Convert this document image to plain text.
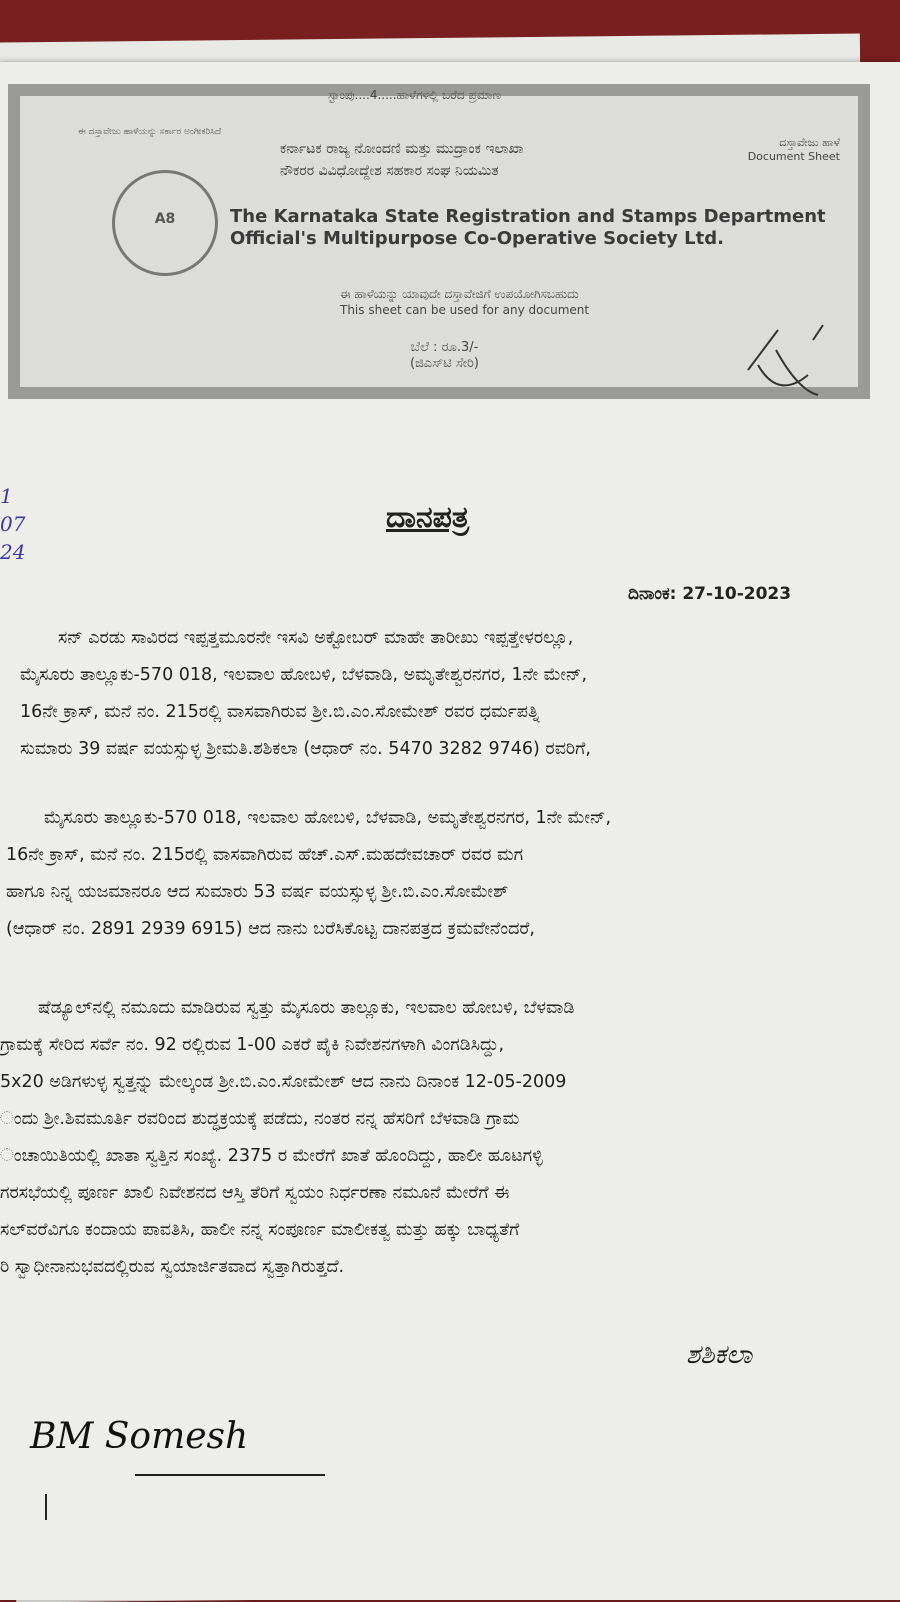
ಸ್ಟಾಂಪು....4.....ಹಾಳೆಗಳಲ್ಲಿ ಬರೆದ ಪ್ರಮಾಣ
ಈ ದಸ್ತಾವೇಜು ಹಾಳೆಯನ್ನು ಸರ್ಕಾರ ಅಂಗೀಕರಿಸಿದೆ
A8
ಕರ್ನಾಟಕ ರಾಜ್ಯ ನೋಂದಣಿ ಮತ್ತು ಮುದ್ರಾಂಕ ಇಲಾಖಾ
ನೌಕರರ ವಿವಿಧೋದ್ದೇಶ ಸಹಕಾರ ಸಂಘ ನಿಯಮಿತ
ದಸ್ತಾವೇಜು ಹಾಳೆ
Document Sheet
The Karnataka State Registration and Stamps Department
Official's Multipurpose Co-Operative Society Ltd.
ಈ ಹಾಳೆಯನ್ನು ಯಾವುದೇ ದಸ್ತಾವೇಜಿಗೆ ಉಪಯೋಗಿಸಬಹುದು
This sheet can be used for any document
ಬೆಲೆ : ರೂ.3/-
(ಜಿಎಸ್‌ಟಿ ಸೇರಿ)
1
07
24
ದಾನಪತ್ರ
ದಿನಾಂಕ: 27-10-2023
ಸನ್ ಎರಡು ಸಾವಿರದ ಇಪ್ಪತ್ತಮೂರನೇ ಇಸವಿ ಅಕ್ಟೋಬರ್ ಮಾಹೇ ತಾರೀಖು ಇಪ್ಪತ್ತೇಳರಲ್ಲೂ,
ಮೈಸೂರು ತಾಲ್ಲೂಕು-570 018, ಇಲವಾಲ ಹೋಬಳಿ, ಬೆಳವಾಡಿ, ಅಮೃತೇಶ್ವರನಗರ, 1ನೇ ಮೇನ್,
16ನೇ ಕ್ರಾಸ್, ಮನೆ ನಂ. 215ರಲ್ಲಿ ವಾಸವಾಗಿರುವ ಶ್ರೀ.ಬಿ.ಎಂ.ಸೋಮೇಶ್ ರವರ ಧರ್ಮಪತ್ನಿ
ಸುಮಾರು 39 ವರ್ಷ ವಯಸ್ಸುಳ್ಳ ಶ್ರೀಮತಿ.ಶಶಿಕಲಾ (ಆಧಾರ್ ನಂ. 5470 3282 9746) ರವರಿಗೆ,
ಮೈಸೂರು ತಾಲ್ಲೂಕು-570 018, ಇಲವಾಲ ಹೋಬಳಿ, ಬೆಳವಾಡಿ, ಅಮೃತೇಶ್ವರನಗರ, 1ನೇ ಮೇನ್,
16ನೇ ಕ್ರಾಸ್, ಮನೆ ನಂ. 215ರಲ್ಲಿ ವಾಸವಾಗಿರುವ ಹೆಚ್.ಎಸ್.ಮಹದೇವಚಾರ್ ರವರ ಮಗ
ಹಾಗೂ ನಿನ್ನ ಯಜಮಾನರೂ ಆದ ಸುಮಾರು 53 ವರ್ಷ ವಯಸ್ಸುಳ್ಳ ಶ್ರೀ.ಬಿ.ಎಂ.ಸೋಮೇಶ್
(ಆಧಾರ್ ನಂ. 2891 2939 6915) ಆದ ನಾನು ಬರೆಸಿಕೊಟ್ಟ ದಾನಪತ್ರದ ಕ್ರಮವೇನೆಂದರೆ,
ಷೆಡ್ಯೂಲ್‌ನಲ್ಲಿ ನಮೂದು ಮಾಡಿರುವ ಸ್ವತ್ತು ಮೈಸೂರು ತಾಲ್ಲೂಕು, ಇಲವಾಲ ಹೋಬಳಿ, ಬೆಳವಾಡಿ
ಗ್ರಾಮಕ್ಕೆ ಸೇರಿದ ಸರ್ವೆ ನಂ. 92 ರಲ್ಲಿರುವ 1-00 ಎಕರೆ ಪೈಕಿ ನಿವೇಶನಗಳಾಗಿ ವಿಂಗಡಿಸಿದ್ದು,
5x20 ಅಡಿಗಳುಳ್ಳ ಸ್ವತ್ತನ್ನು ಮೇಲ್ಕಂಡ ಶ್ರೀ.ಬಿ.ಎಂ.ಸೋಮೇಶ್ ಆದ ನಾನು ದಿನಾಂಕ 12-05-2009
ಂದು ಶ್ರೀ.ಶಿವಮೂರ್ತಿ ರವರಿಂದ ಶುದ್ಧಕ್ರಯಕ್ಕೆ ಪಡೆದು, ನಂತರ ನನ್ನ ಹೆಸರಿಗೆ ಬೆಳವಾಡಿ ಗ್ರಾಮ
ಂಚಾಯಿತಿಯಲ್ಲಿ ಖಾತಾ ಸ್ವತ್ತಿನ ಸಂಖ್ಯೆ. 2375 ರ ಮೇರೆಗೆ ಖಾತೆ ಹೊಂದಿದ್ದು, ಹಾಲೀ ಹೂಟಗಳ್ಳಿ
ಗರಸಭೆಯಲ್ಲಿ ಪೂರ್ಣ ಖಾಲಿ ನಿವೇಶನದ ಆಸ್ತಿ ತೆರಿಗೆ ಸ್ವಯಂ ನಿರ್ಧರಣಾ ನಮೂನೆ ಮೇರೆಗೆ ಈ
ಸಲ್‌ವರೆವಿಗೂ ಕಂದಾಯ ಪಾವತಿಸಿ, ಹಾಲೀ ನನ್ನ ಸಂಪೂರ್ಣ ಮಾಲೀಕತ್ವ ಮತ್ತು ಹಕ್ಕು ಬಾಧ್ಯತೆಗೆ
ರಿ ಸ್ವಾಧೀನಾನುಭವದಲ್ಲಿರುವ ಸ್ವಯಾರ್ಜಿತವಾದ ಸ್ವತ್ತಾಗಿರುತ್ತದೆ.
ಶಶಿಕಲಾ
BM Somesh
